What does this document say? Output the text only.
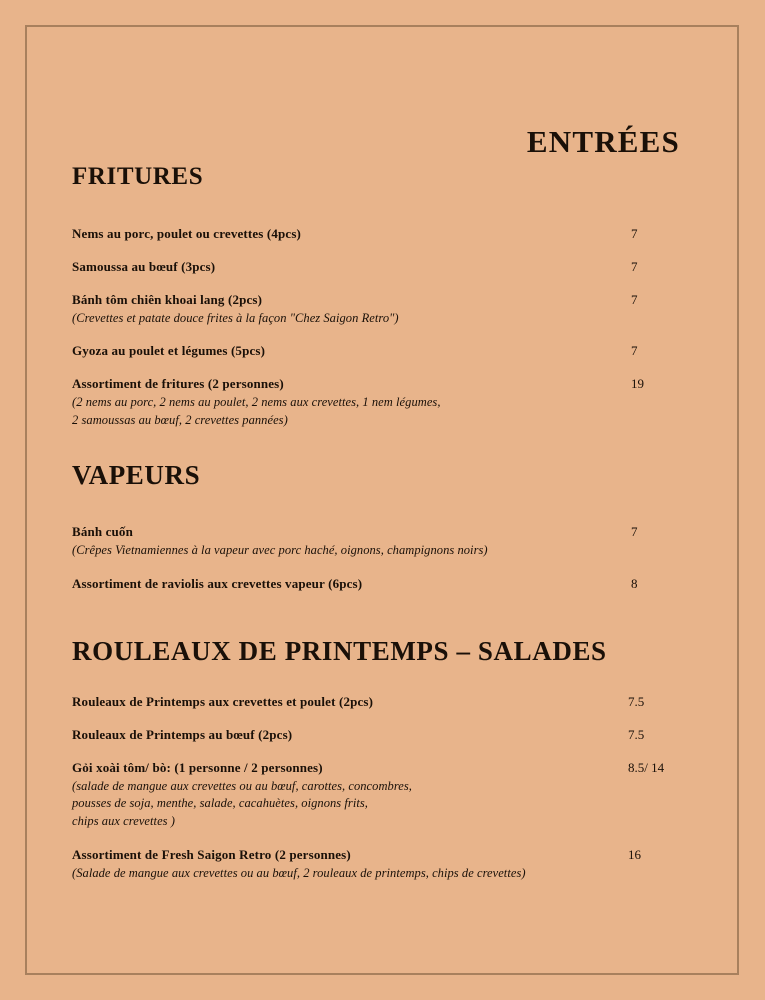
ENTRÉES
FRITURES
Nems au porc, poulet ou crevettes (4pcs)	7
Samoussa au bœuf (3pcs)	7
Bánh tôm chiên khoai lang (2pcs)	7
(Crevettes et patate douce frites à la façon "Chez Saigon Retro")
Gyoza au poulet et légumes (5pcs)	7
Assortiment de fritures (2 personnes)	19
(2 nems au porc, 2 nems au poulet, 2 nems aux crevettes, 1 nem légumes,
2 samoussas au bœuf, 2 crevettes pannées)
VAPEURS
Bánh cuốn	7
(Crêpes Vietnamiennes à la vapeur avec porc haché, oignons, champignons noirs)
Assortiment de raviolis aux crevettes vapeur (6pcs)	8
ROULEAUX DE PRINTEMPS – SALADES
Rouleaux de Printemps aux crevettes et poulet (2pcs)	7.5
Rouleaux de Printemps au bœuf (2pcs)	7.5
Gỏi xoài tôm/ bò: (1 personne / 2 personnes)	8.5/ 14
(salade de mangue aux crevettes ou au bœuf, carottes, concombres,
pousses de soja, menthe, salade, cacahuètes, oignons frits,
chips aux crevettes )
Assortiment de Fresh Saigon Retro (2 personnes)	16
(Salade de mangue aux crevettes ou au bœuf, 2 rouleaux de printemps, chips de crevettes)
